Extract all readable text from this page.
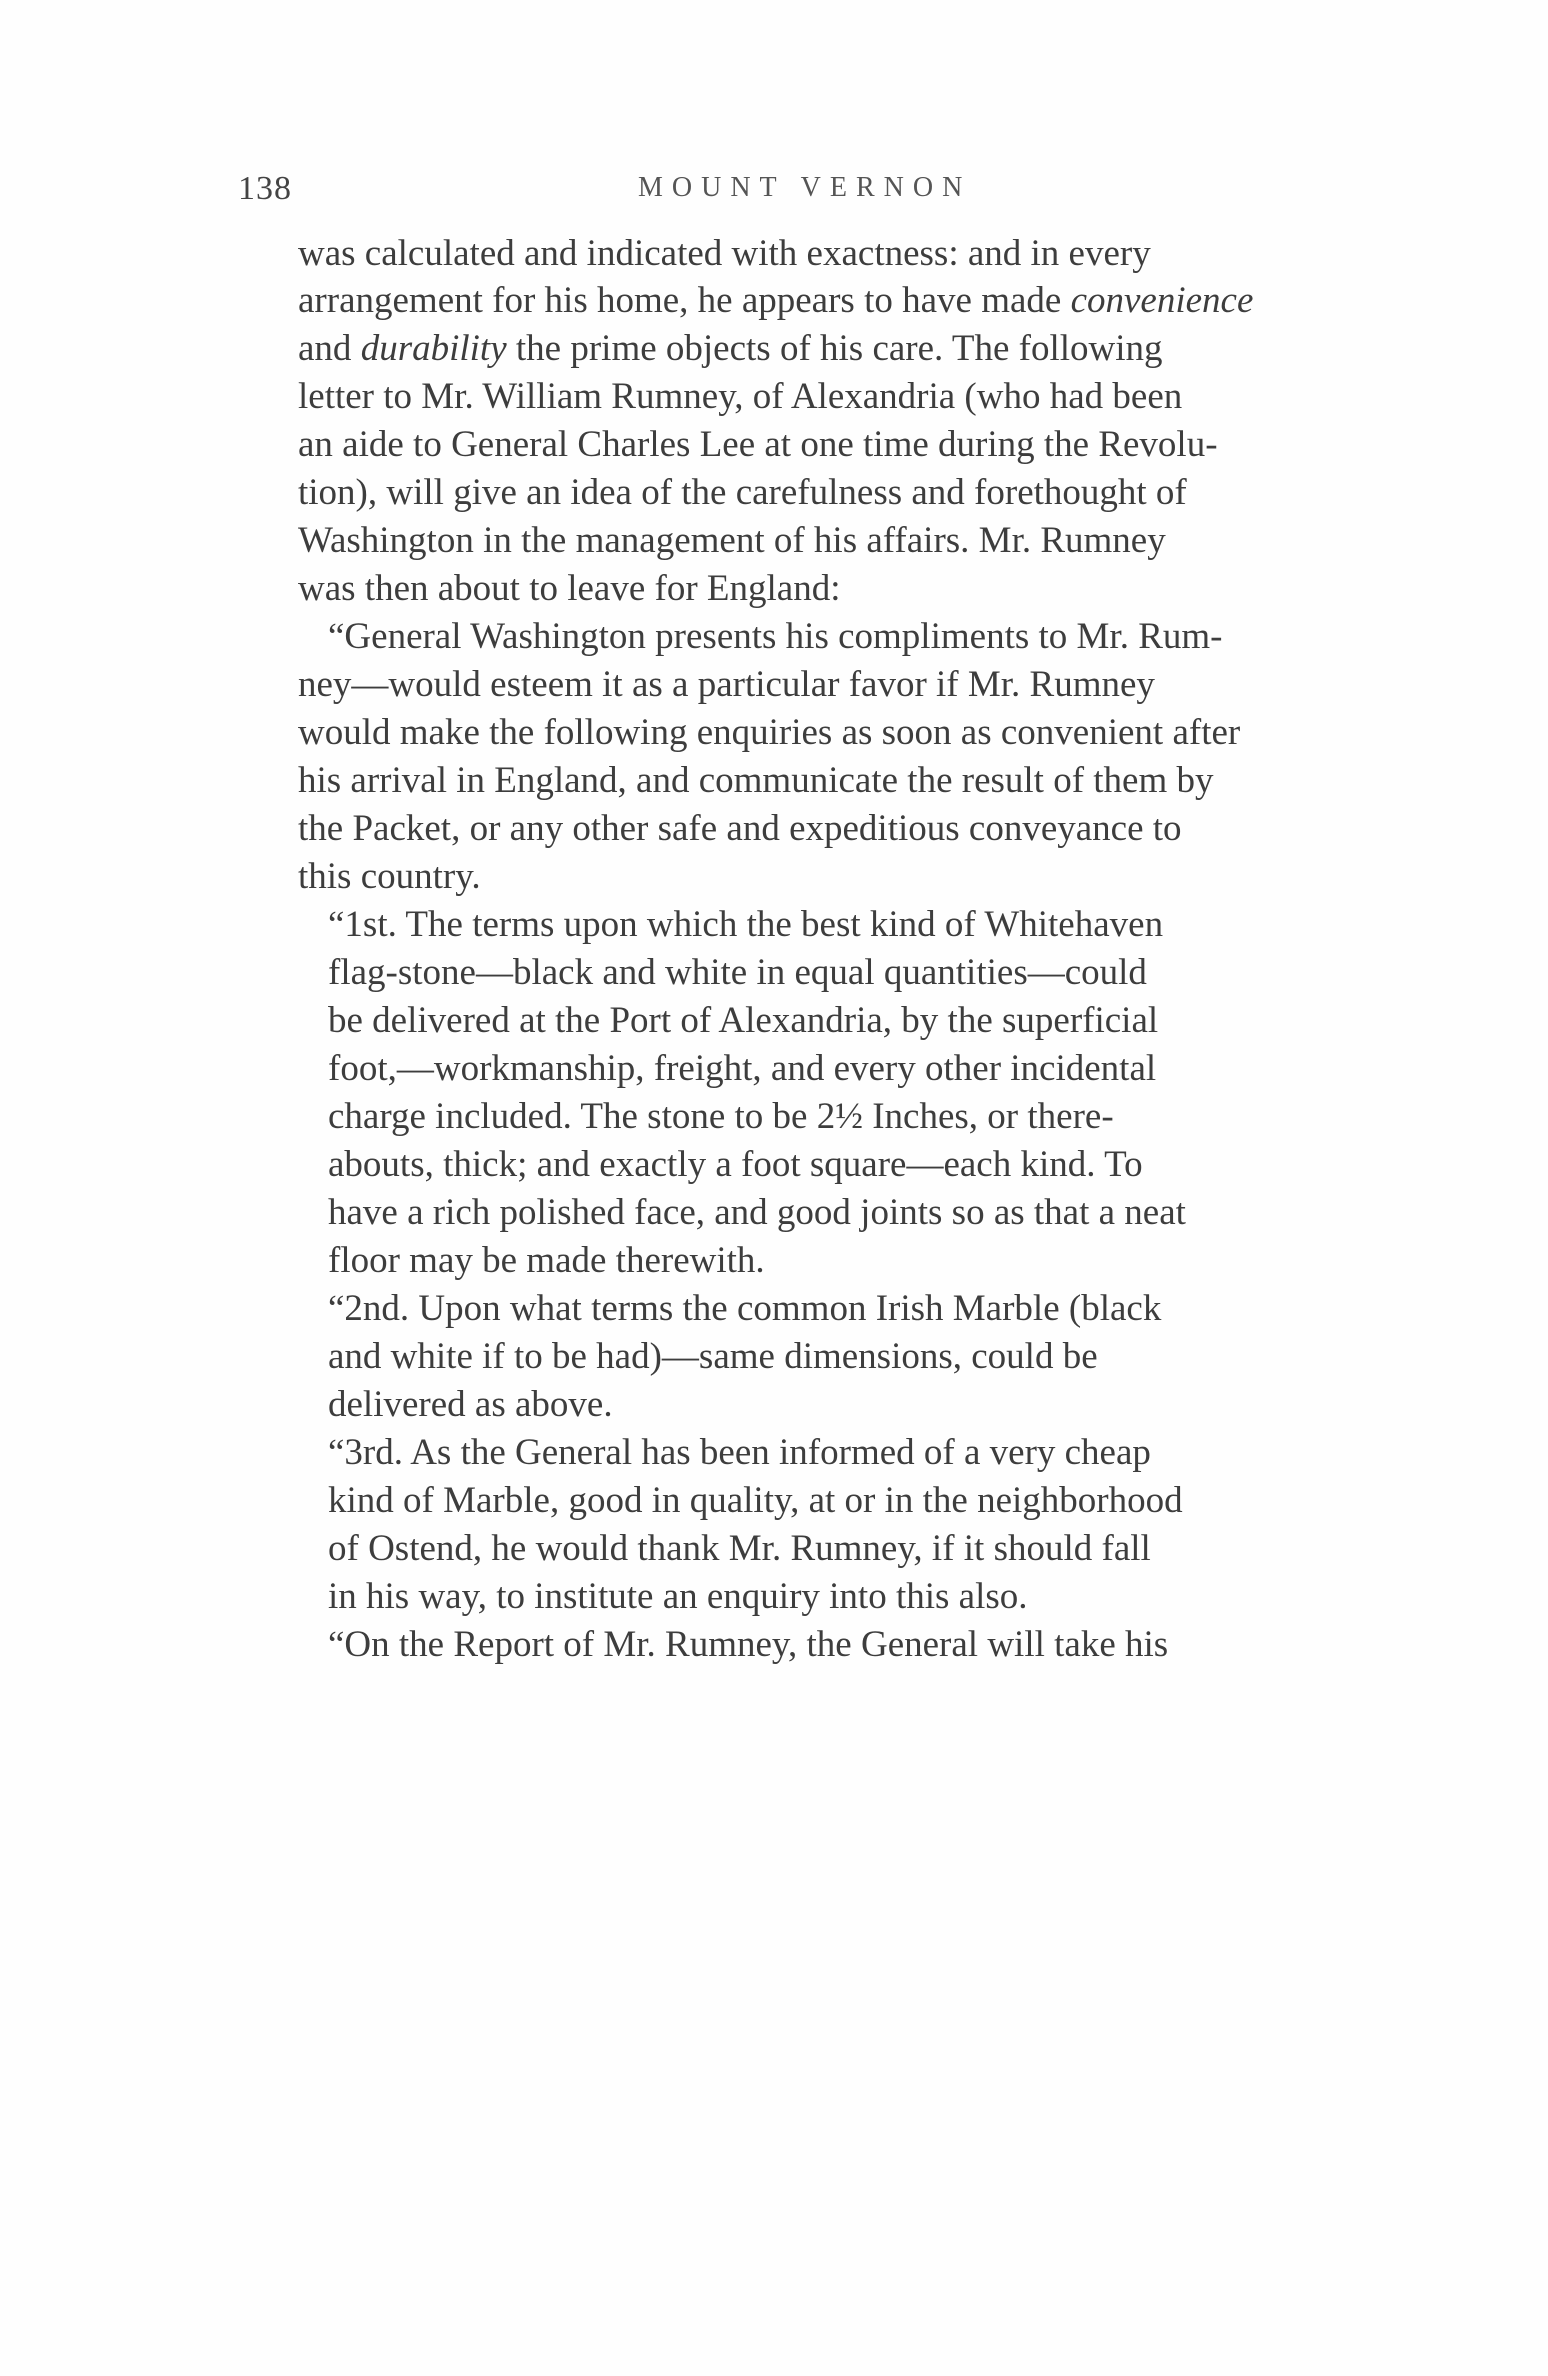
138	MOUNT VERNON
was calculated and indicated with exactness: and in every
arrangement for his home, he appears to have made convenience
and durability the prime objects of his care. The following
letter to Mr. William Rumney, of Alexandria (who had been
an aide to General Charles Lee at one time during the Revolu-
tion), will give an idea of the carefulness and forethought of
Washington in the management of his affairs. Mr. Rumney
was then about to leave for England:
“General Washington presents his compliments to Mr. Rum-
ney—would esteem it as a particular favor if Mr. Rumney
would make the following enquiries as soon as convenient after
his arrival in England, and communicate the result of them by
the Packet, or any other safe and expeditious conveyance to
this country.
“1st. The terms upon which the best kind of Whitehaven
flag-stone—black and white in equal quantities—could
be delivered at the Port of Alexandria, by the superficial
foot,—workmanship, freight, and every other incidental
charge included. The stone to be 2½ Inches, or there-
abouts, thick; and exactly a foot square—each kind. To
have a rich polished face, and good joints so as that a neat
floor may be made therewith.
“2nd. Upon what terms the common Irish Marble (black
and white if to be had)—same dimensions, could be
delivered as above.
“3rd. As the General has been informed of a very cheap
kind of Marble, good in quality, at or in the neighborhood
of Ostend, he would thank Mr. Rumney, if it should fall
in his way, to institute an enquiry into this also.
“On the Report of Mr. Rumney, the General will take his
